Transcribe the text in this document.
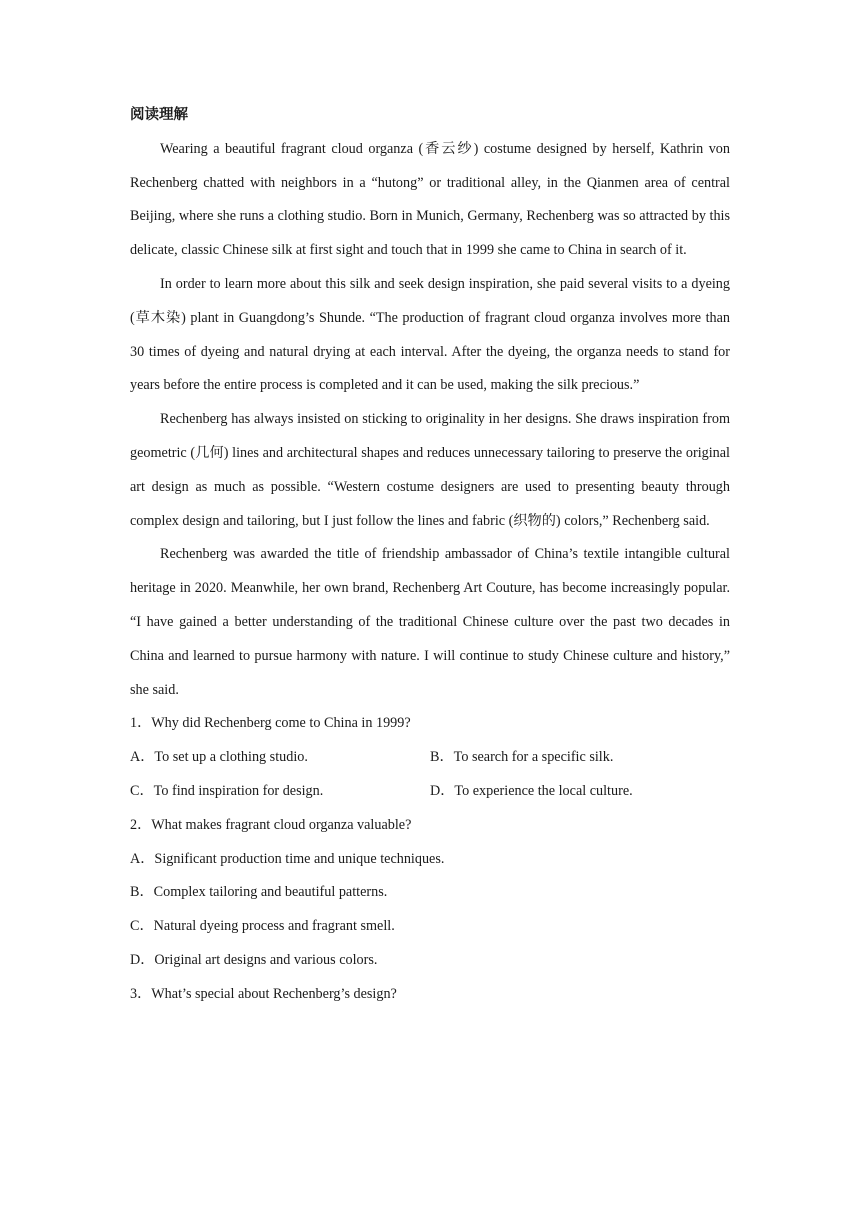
阅读理解

Wearing a beautiful fragrant cloud organza (香云纱) costume designed by herself, Kathrin von Rechenberg chatted with neighbors in a “hutong” or traditional alley, in the Qianmen area of central Beijing, where she runs a clothing studio. Born in Munich, Germany, Rechenberg was so attracted by this delicate, classic Chinese silk at first sight and touch that in 1999 she came to China in search of it.

In order to learn more about this silk and seek design inspiration, she paid several visits to a dyeing (草木染) plant in Guangdong’s Shunde. “The production of fragrant cloud organza involves more than 30 times of dyeing and natural drying at each interval. After the dyeing, the organza needs to stand for years before the entire process is completed and it can be used, making the silk precious.”

Rechenberg has always insisted on sticking to originality in her designs. She draws inspiration from geometric (几何) lines and architectural shapes and reduces unnecessary tailoring to preserve the original art design as much as possible. “Western costume designers are used to presenting beauty through complex design and tailoring, but I just follow the lines and fabric (织物的) colors,” Rechenberg said.

Rechenberg was awarded the title of friendship ambassador of China’s textile intangible cultural heritage in 2020. Meanwhile, her own brand, Rechenberg Art Couture, has become increasingly popular. “I have gained a better understanding of the traditional Chinese culture over the past two decades in China and learned to pursue harmony with nature. I will continue to study Chinese culture and history,” she said.

1．Why did Rechenberg come to China in 1999?

A．To set up a clothing studio.	B．To search for a specific silk.
C．To find inspiration for design.	D．To experience the local culture.

2．What makes fragrant cloud organza valuable?

A．Significant production time and unique techniques.

B．Complex tailoring and beautiful patterns.

C．Natural dyeing process and fragrant smell.

D．Original art designs and various colors.

3．What’s special about Rechenberg’s design?
